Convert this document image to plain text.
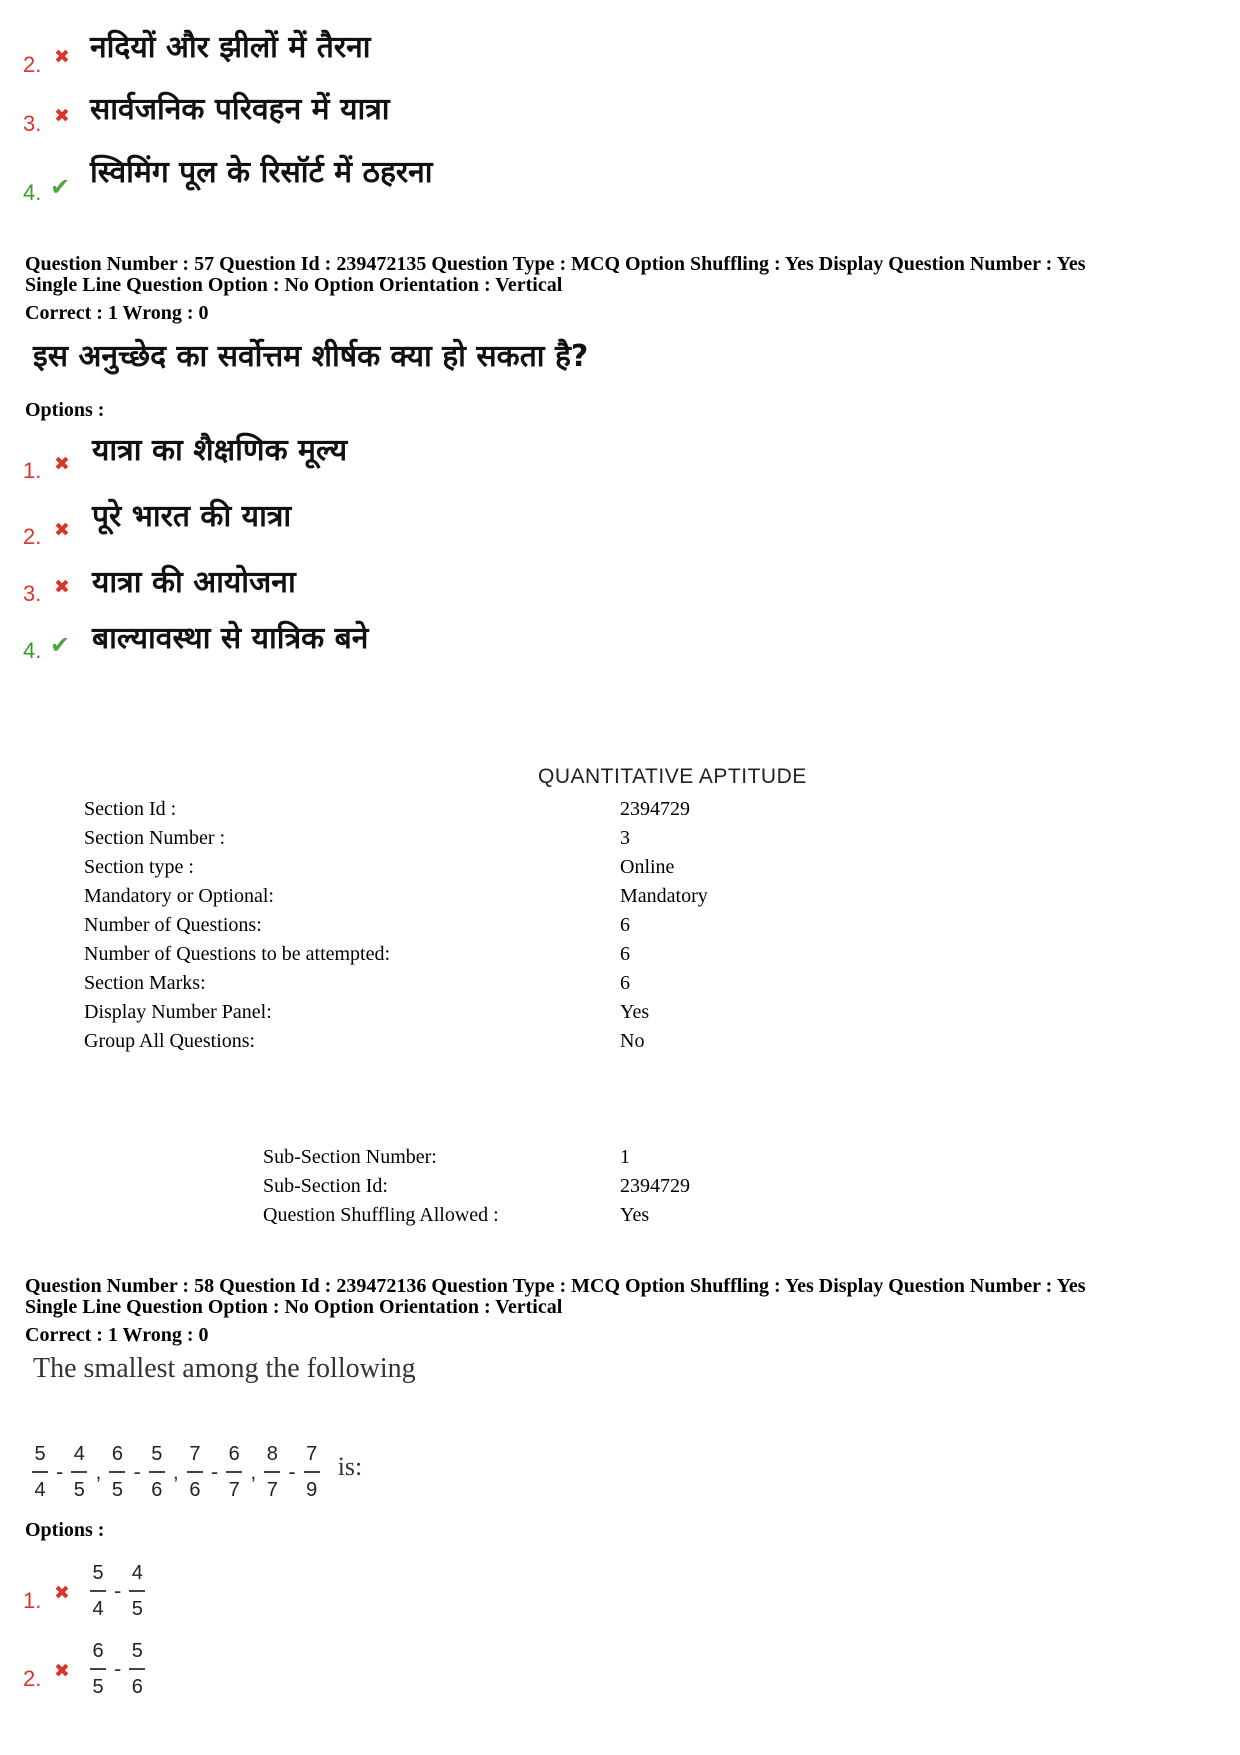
2. ✖ नदियों और झीलों में तैरना
3. ✖ सार्वजनिक परिवहन में यात्रा
4. ✔ स्विमिंग पूल के रिसॉर्ट में ठहरना
Question Number : 57 Question Id : 239472135 Question Type : MCQ Option Shuffling : Yes Display Question Number : Yes
Single Line Question Option : No Option Orientation : Vertical
Correct : 1 Wrong : 0
इस अनुच्छेद का सर्वोत्तम शीर्षक क्या हो सकता है?
Options :
1. ✖ यात्रा का शैक्षणिक मूल्य
2. ✖ पूरे भारत की यात्रा
3. ✖ यात्रा की आयोजना
4. ✔ बाल्यावस्था से यात्रिक बने
QUANTITATIVE APTITUDE
Section Id :	2394729
Section Number :	3
Section type :	Online
Mandatory or Optional:	Mandatory
Number of Questions:	6
Number of Questions to be attempted:	6
Section Marks:	6
Display Number Panel:	Yes
Group All Questions:	No
Sub-Section Number:	1
Sub-Section Id:	2394729
Question Shuffling Allowed :	Yes
Question Number : 58 Question Id : 239472136 Question Type : MCQ Option Shuffling : Yes Display Question Number : Yes
Single Line Question Option : No Option Orientation : Vertical
Correct : 1 Wrong : 0
The smallest among the following
$\frac{5}{4} - \frac{4}{5}$ , $\frac{6}{5} - \frac{5}{6}$ , $\frac{7}{6} - \frac{6}{7}$ , $\frac{8}{7} - \frac{7}{9}$ is:
Options :
1. ✖ $\frac{5}{4} - \frac{4}{5}$
2. ✖ $\frac{6}{5} - \frac{5}{6}$
